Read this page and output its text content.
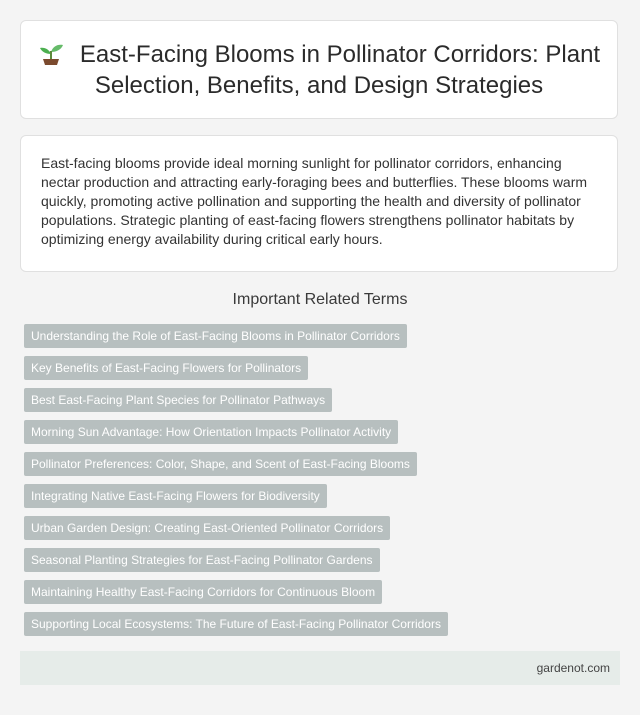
East-Facing Blooms in Pollinator Corridors: Plant Selection, Benefits, and Design Strategies

East-facing blooms provide ideal morning sunlight for pollinator corridors, enhancing nectar production and attracting early-foraging bees and butterflies. These blooms warm quickly, promoting active pollination and supporting the health and diversity of pollinator populations. Strategic planting of east-facing flowers strengthens pollinator habitats by optimizing energy availability during critical early hours.

Important Related Terms
Understanding the Role of East-Facing Blooms in Pollinator Corridors
Key Benefits of East-Facing Flowers for Pollinators
Best East-Facing Plant Species for Pollinator Pathways
Morning Sun Advantage: How Orientation Impacts Pollinator Activity
Pollinator Preferences: Color, Shape, and Scent of East-Facing Blooms
Integrating Native East-Facing Flowers for Biodiversity
Urban Garden Design: Creating East-Oriented Pollinator Corridors
Seasonal Planting Strategies for East-Facing Pollinator Gardens
Maintaining Healthy East-Facing Corridors for Continuous Bloom
Supporting Local Ecosystems: The Future of East-Facing Pollinator Corridors
gardenot.com
